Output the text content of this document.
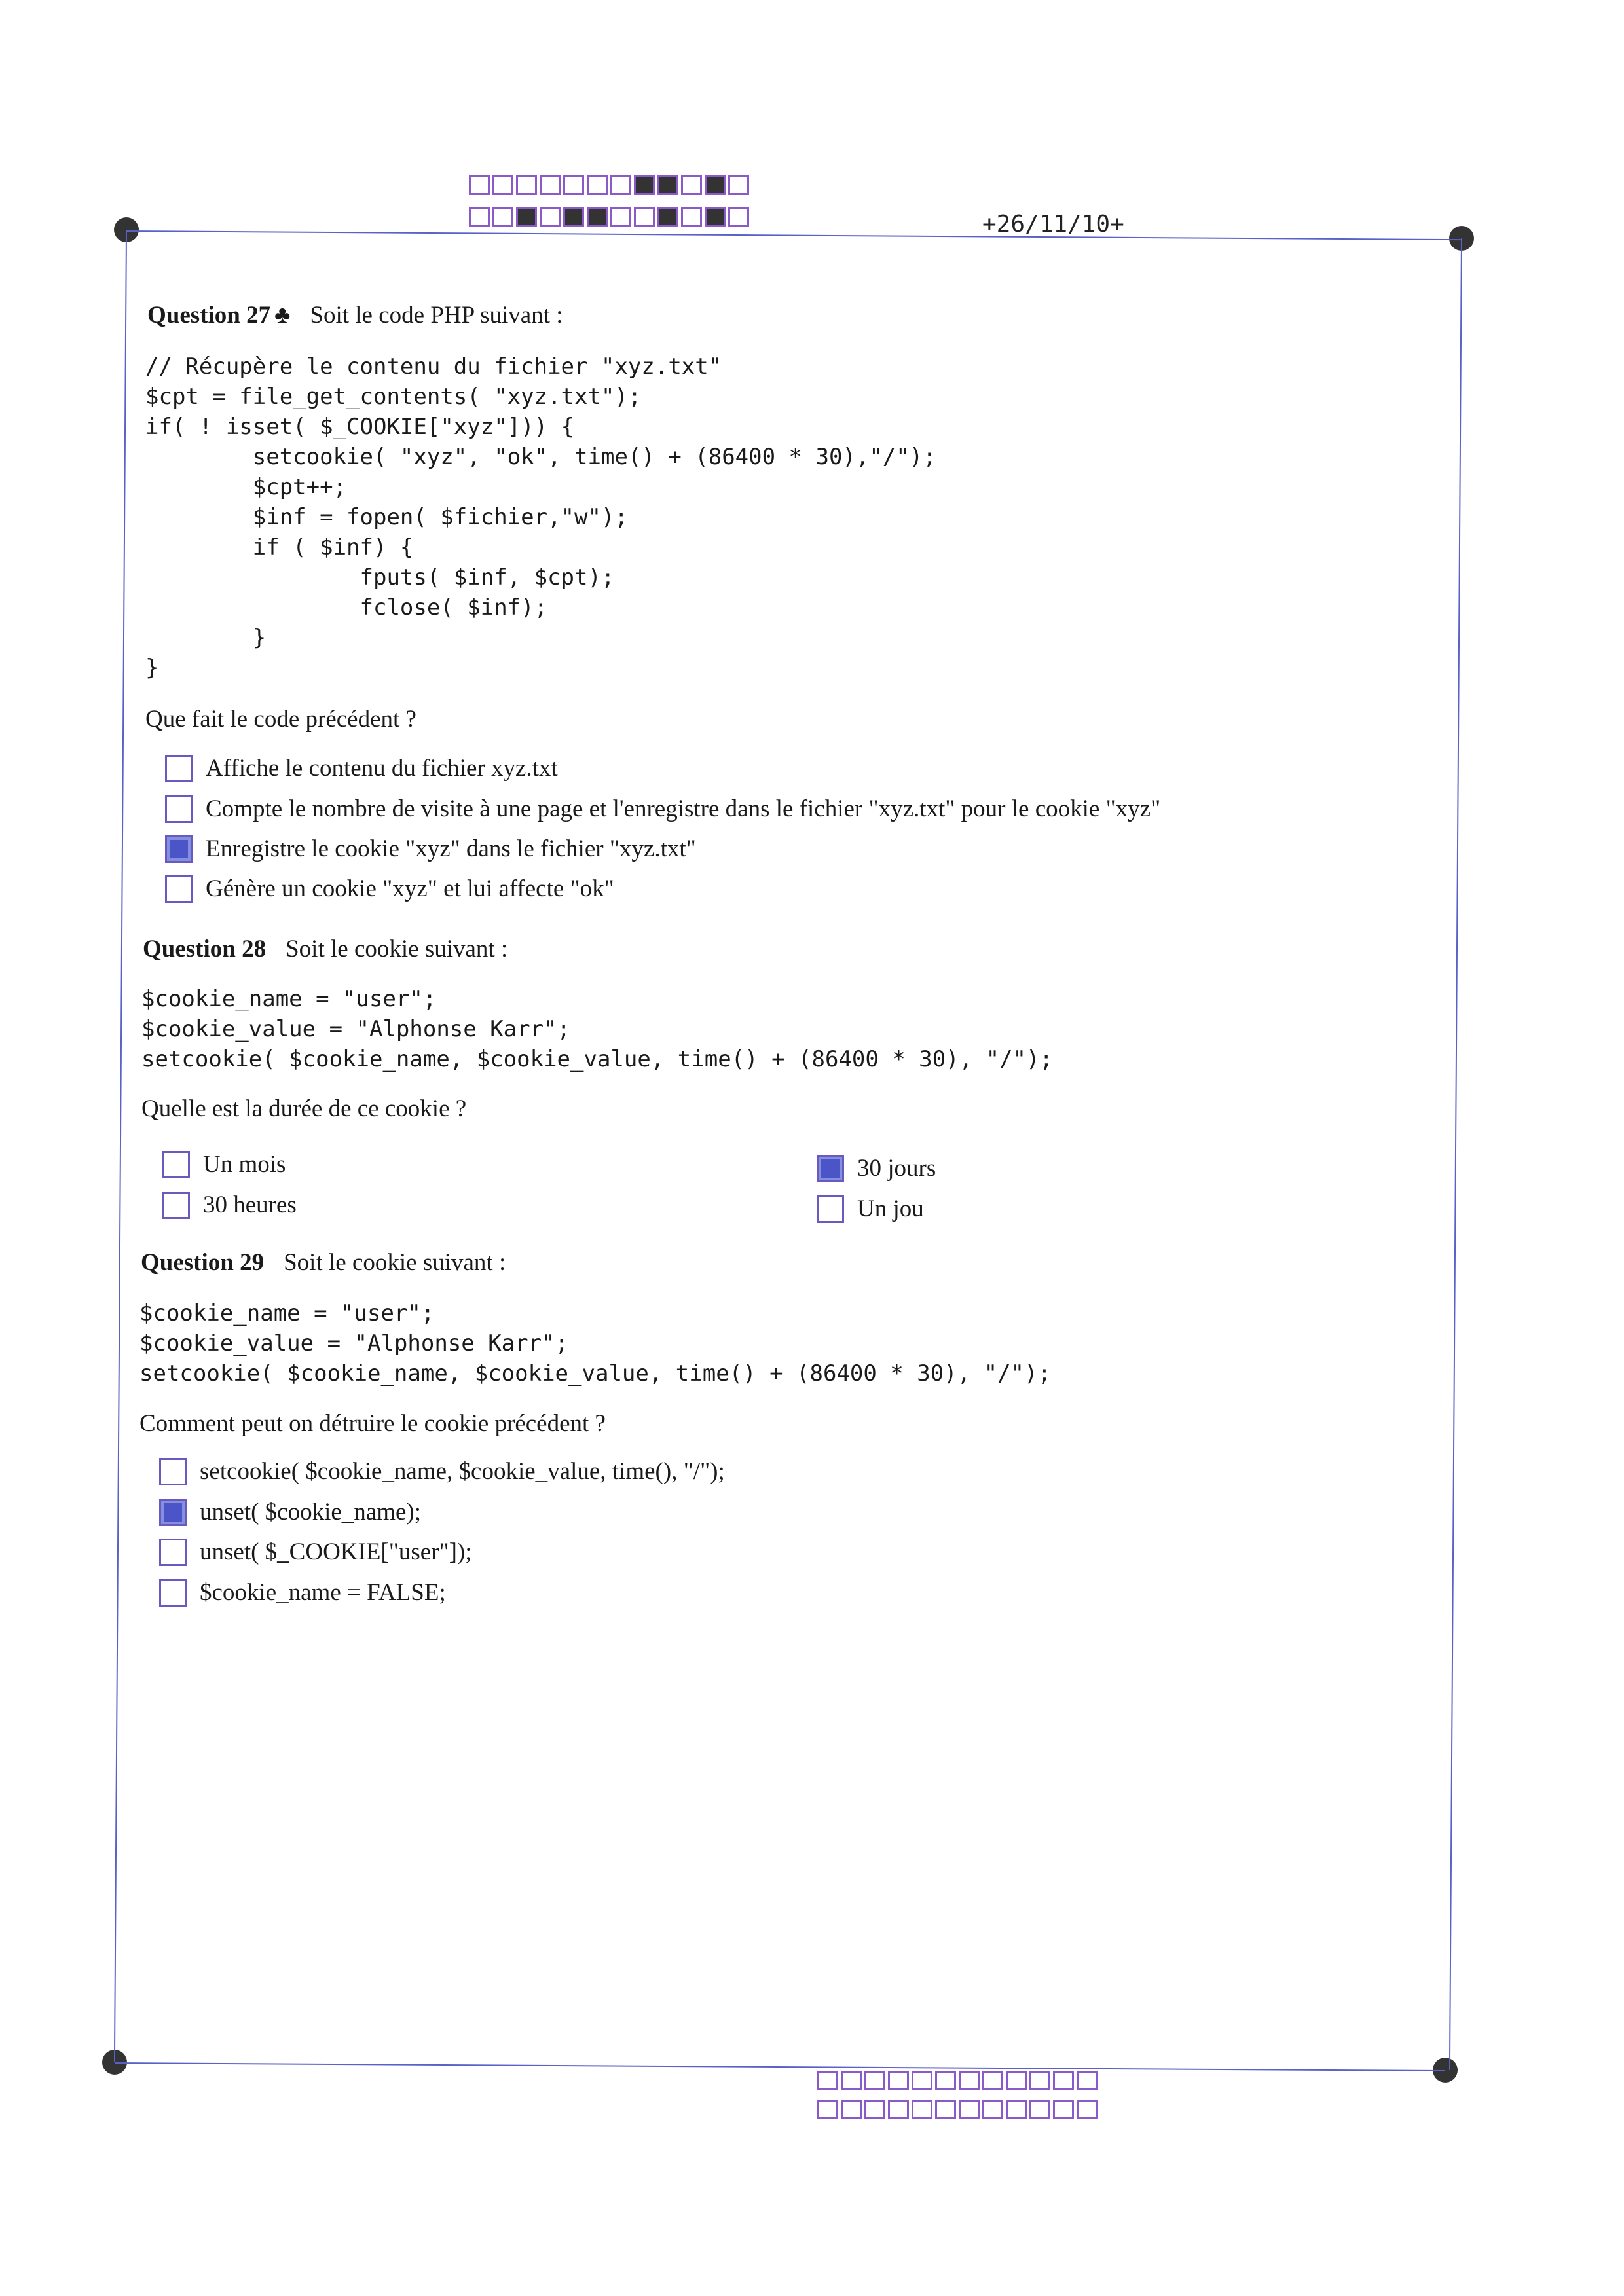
+26/11/10+
Question 27 ♣ Soit le code PHP suivant :
// Récupère le contenu du fichier "xyz.txt"
$cpt = file_get_contents( "xyz.txt");
if( ! isset( $_COOKIE["xyz"])) {
setcookie( "xyz", "ok", time() + (86400 * 30),"/");
$cpt++;
$inf = fopen( $fichier,"w");
if ( $inf) {
fputs( $inf, $cpt);
fclose( $inf);
}
}
Que fait le code précédent ?
Affiche le contenu du fichier xyz.txt
Compte le nombre de visite à une page et l'enregistre dans le fichier "xyz.txt" pour le cookie "xyz"
Enregistre le cookie "xyz" dans le fichier "xyz.txt"
Génère un cookie "xyz" et lui affecte "ok"
Question 28 Soit le cookie suivant :
$cookie_name = "user";
$cookie_value = "Alphonse Karr";
setcookie( $cookie_name, $cookie_value, time() + (86400 * 30), "/");
Quelle est la durée de ce cookie ?
Un mois
30 heures
30 jours
Un jou
Question 29 Soit le cookie suivant :
$cookie_name = "user";
$cookie_value = "Alphonse Karr";
setcookie( $cookie_name, $cookie_value, time() + (86400 * 30), "/");
Comment peut on détruire le cookie précédent ?
setcookie( $cookie_name, $cookie_value, time(), "/");
unset( $cookie_name);
unset( $_COOKIE["user"]);
$cookie_name = FALSE;
